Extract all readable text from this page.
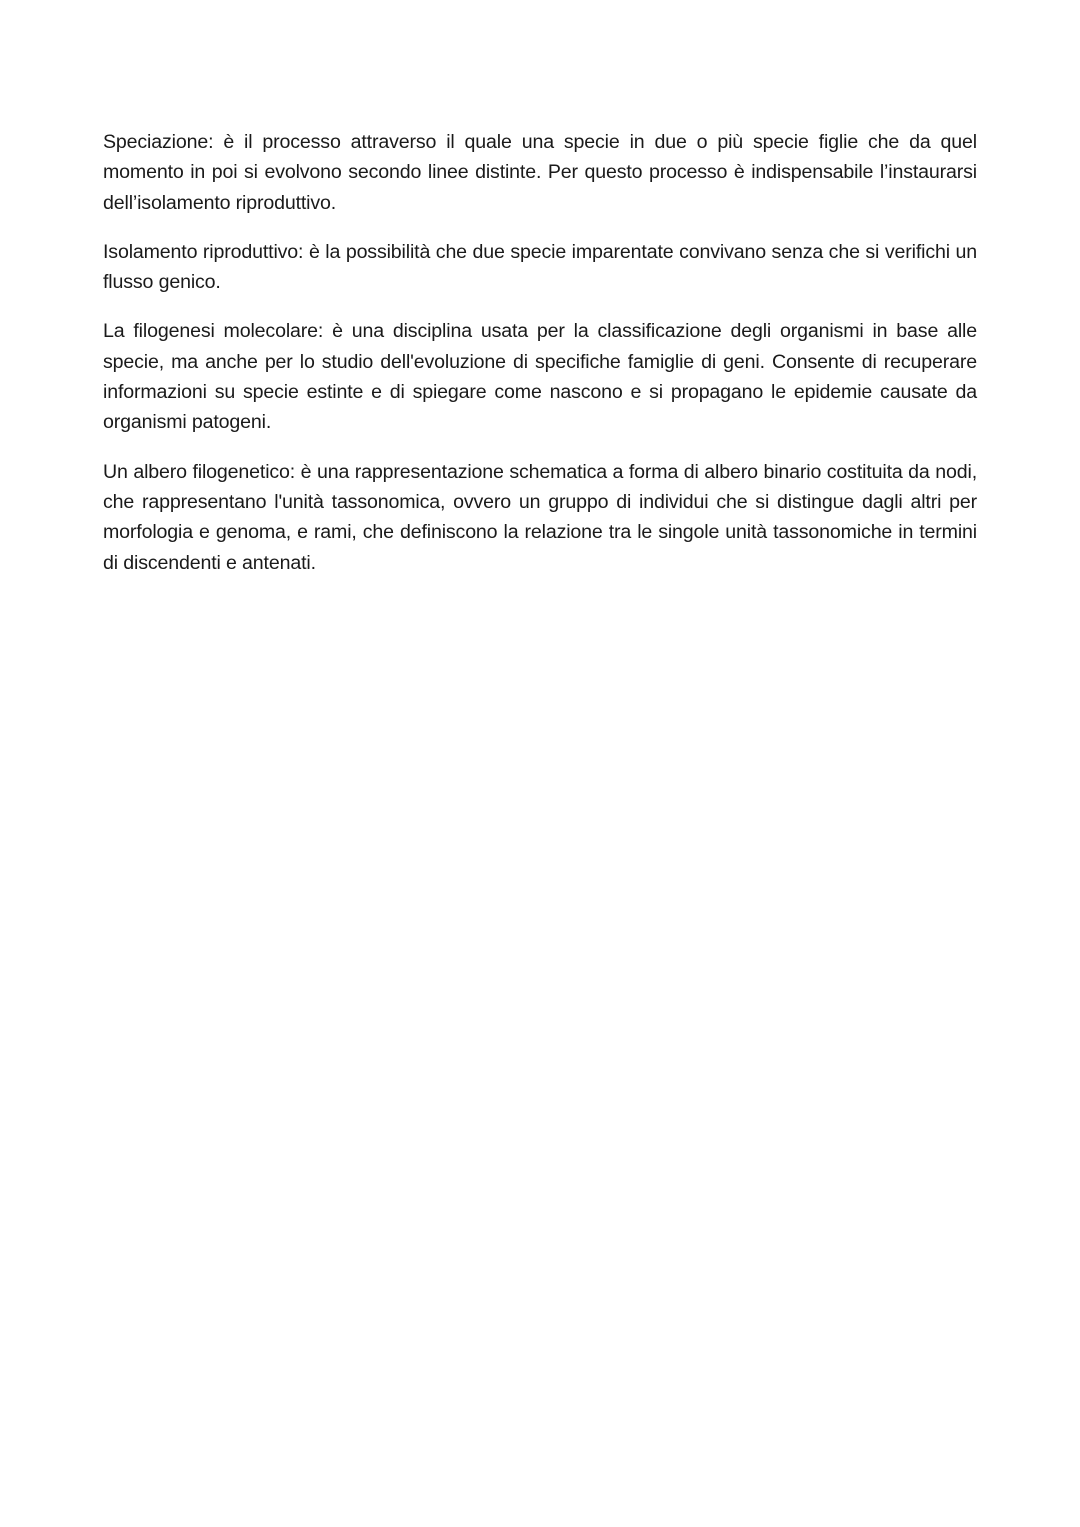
Speciazione: è il processo attraverso il quale una specie in due o più specie figlie che da quel momento in poi si evolvono secondo linee distinte. Per questo processo è indispensabile l’instaurarsi dell’isolamento riproduttivo.

Isolamento riproduttivo: è la possibilità che due specie imparentate convivano senza che si verifichi un flusso genico.

La filogenesi molecolare: è una disciplina usata per la classificazione degli organismi in base alle specie, ma anche per lo studio dell'evoluzione di specifiche famiglie di geni. Consente di recuperare informazioni su specie estinte e di spiegare come nascono e si propagano le epidemie causate da organismi patogeni.

Un albero filogenetico: è una rappresentazione schematica a forma di albero binario costituita da nodi, che rappresentano l'unità tassonomica, ovvero un gruppo di individui che si distingue dagli altri per morfologia e genoma, e rami, che definiscono la relazione tra le singole unità tassonomiche in termini di discendenti e antenati.
